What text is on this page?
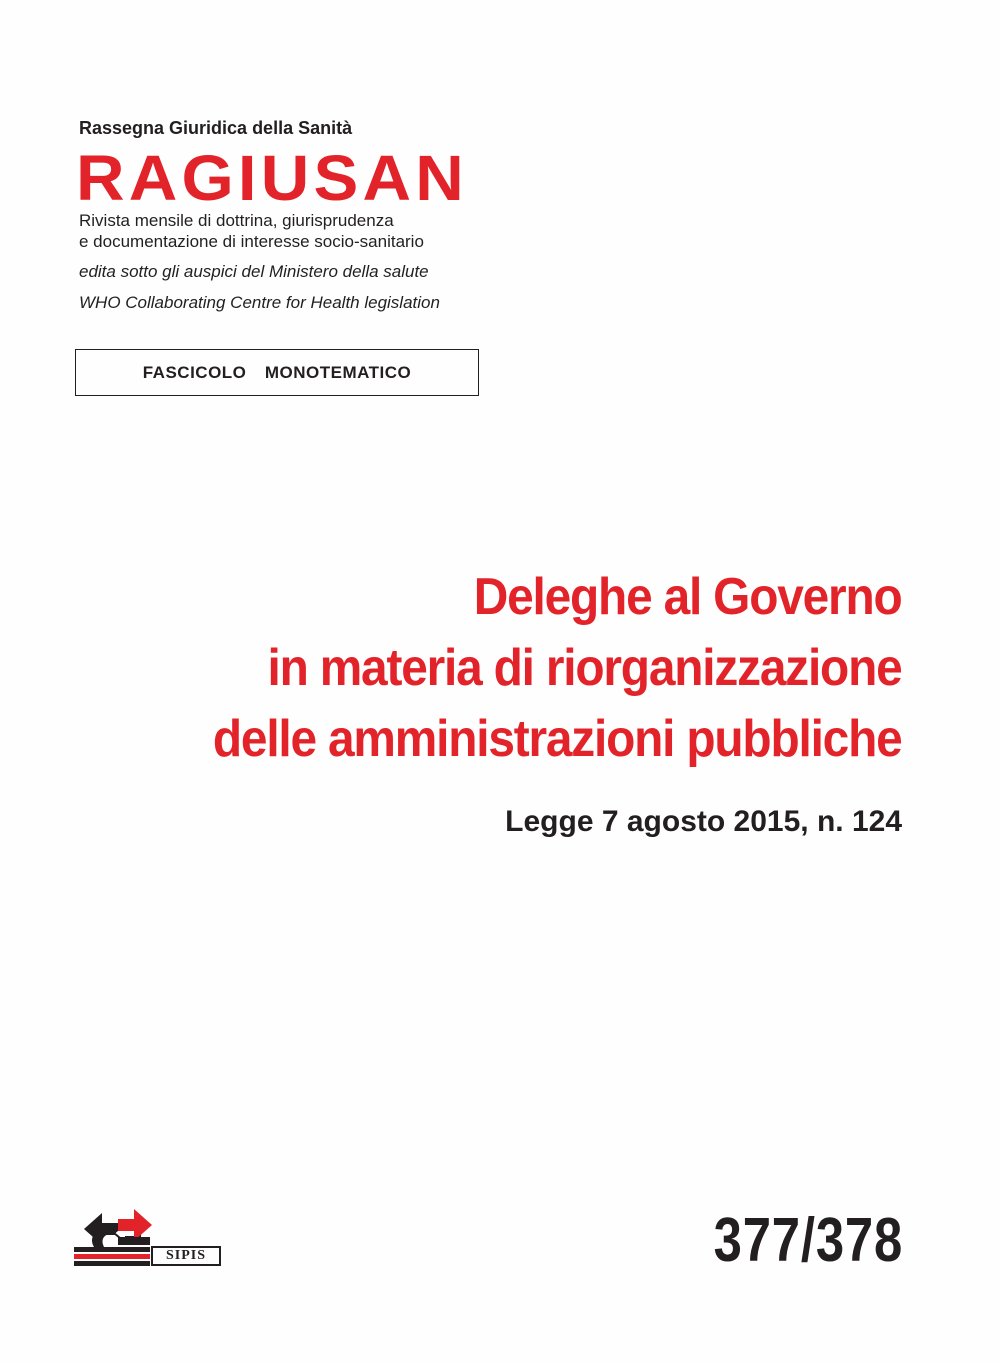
Rassegna Giuridica della Sanità
RAGIUSAN
Rivista mensile di dottrina, giurisprudenza
e documentazione di interesse socio-sanitario
edita sotto gli auspici del Ministero della salute
WHO Collaborating Centre for Health legislation
FASCICOLO  MONOTEMATICO
Deleghe al Governo
in materia di riorganizzazione
delle amministrazioni pubbliche
Legge 7 agosto 2015, n. 124
SIPIS	377/378
